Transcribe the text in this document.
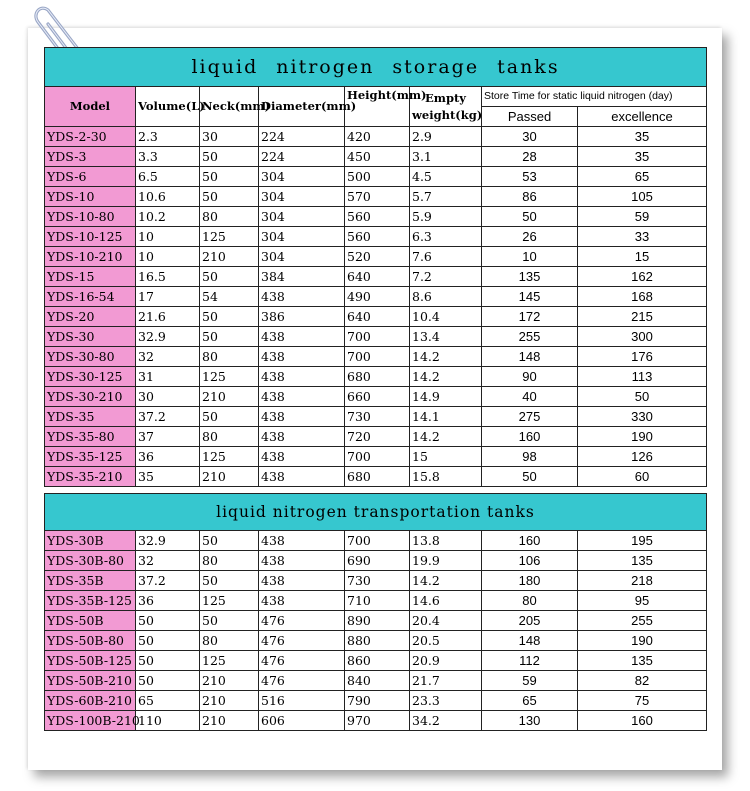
liquid nitrogen storage tanks							
Model	Volume(L)	Neck(mm)	Diameter(mm)	Height(mm)	Empty weight(kg)	Store Time for static liquid nitrogen (day)	
						Passed	excellence
YDS-2-30	2.3	30	224	420	2.9	30	35
YDS-3	3.3	50	224	450	3.1	28	35
YDS-6	6.5	50	304	500	4.5	53	65
YDS-10	10.6	50	304	570	5.7	86	105
YDS-10-80	10.2	80	304	560	5.9	50	59
YDS-10-125	10	125	304	560	6.3	26	33
YDS-10-210	10	210	304	520	7.6	10	15
YDS-15	16.5	50	384	640	7.2	135	162
YDS-16-54	17	54	438	490	8.6	145	168
YDS-20	21.6	50	386	640	10.4	172	215
YDS-30	32.9	50	438	700	13.4	255	300
YDS-30-80	32	80	438	700	14.2	148	176
YDS-30-125	31	125	438	680	14.2	90	113
YDS-30-210	30	210	438	660	14.9	40	50
YDS-35	37.2	50	438	730	14.1	275	330
YDS-35-80	37	80	438	720	14.2	160	190
YDS-35-125	36	125	438	700	15	98	126
YDS-35-210	35	210	438	680	15.8	50	60

liquid nitrogen transportation tanks							
YDS-30B	32.9	50	438	700	13.8	160	195
YDS-30B-80	32	80	438	690	19.9	106	135
YDS-35B	37.2	50	438	730	14.2	180	218
YDS-35B-125	36	125	438	710	14.6	80	95
YDS-50B	50	50	476	890	20.4	205	255
YDS-50B-80	50	80	476	880	20.5	148	190
YDS-50B-125	50	125	476	860	20.9	112	135
YDS-50B-210	50	210	476	840	21.7	59	82
YDS-60B-210	65	210	516	790	23.3	65	75
YDS-100B-210	110	210	606	970	34.2	130	160
